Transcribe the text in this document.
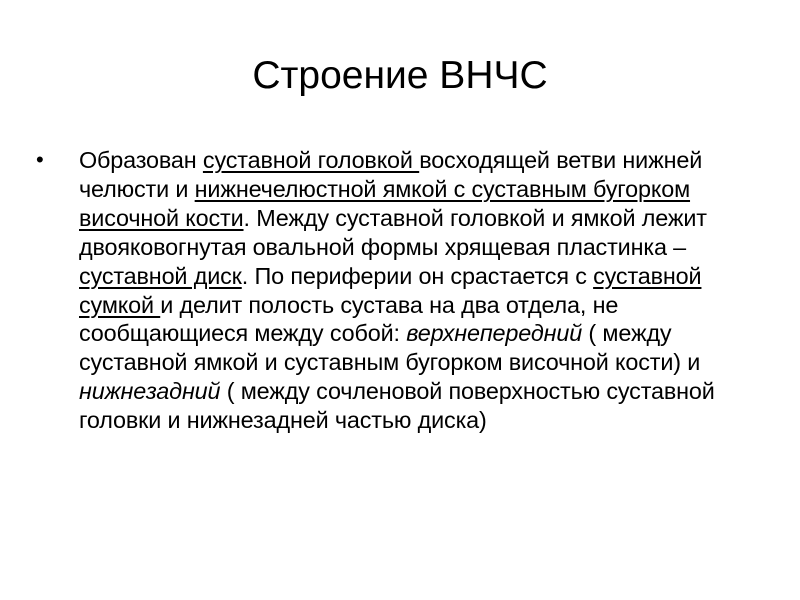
Строение ВНЧС
• Образован суставной головкой восходящей ветви нижней челюсти и нижнечелюстной ямкой с суставным бугорком височной кости. Между суставной головкой и ямкой лежит двояковогнутая овальной формы хрящевая пластинка – суставной диск. По периферии он срастается с суставной сумкой и делит полость сустава на два отдела, не сообщающиеся между собой: верхнепередний ( между суставной ямкой и суставным бугорком височной кости) и нижнезадний ( между сочленовой поверхностью суставной головки и нижнезадней частью диска)
